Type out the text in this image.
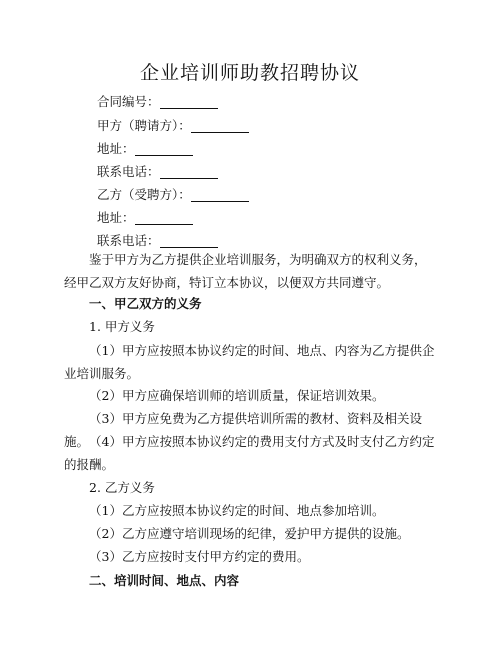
企业培训师助教招聘协议
合同编号：
甲方（聘请方）：
地址：
联系电话：
乙方（受聘方）：
地址：
联系电话：
鉴于甲方为乙方提供企业培训服务，为明确双方的权利义务，经甲乙双方友好协商，特订立本协议，以便双方共同遵守。
一、甲乙双方的义务
1. 甲方义务
（1）甲方应按照本协议约定的时间、地点、内容为乙方提供企业培训服务。
（2）甲方应确保培训师的培训质量，保证培训效果。
（3）甲方应免费为乙方提供培训所需的教材、资料及相关设施。 （4）甲方应按照本协议约定的费用支付方式及时支付乙方约定的报酬。
2. 乙方义务
（1）乙方应按照本协议约定的时间、地点参加培训。
（2）乙方应遵守培训现场的纪律，爱护甲方提供的设施。
（3）乙方应按时支付甲方约定的费用。
二、培训时间、地点、内容
